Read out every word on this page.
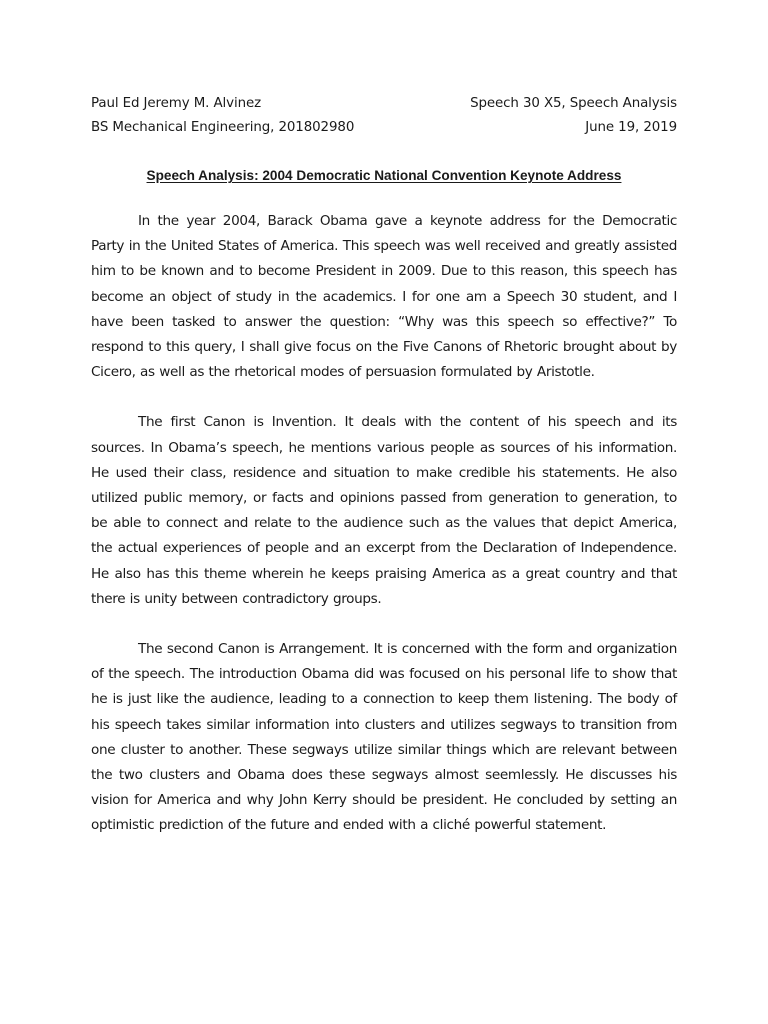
Paul Ed Jeremy M. Alvinez	Speech 30 X5, Speech Analysis
BS Mechanical Engineering, 201802980	June 19, 2019
Speech Analysis: 2004 Democratic National Convention Keynote Address

In the year 2004, Barack Obama gave a keynote address for the Democratic Party in the United States of America. This speech was well received and greatly assisted him to be known and to become President in 2009. Due to this reason, this speech has become an object of study in the academics. I for one am a Speech 30 student, and I have been tasked to answer the question: “Why was this speech so effective?” To respond to this query, I shall give focus on the Five Canons of Rhetoric brought about by Cicero, as well as the rhetorical modes of persuasion formulated by Aristotle.

The first Canon is Invention. It deals with the content of his speech and its sources. In Obama’s speech, he mentions various people as sources of his information. He used their class, residence and situation to make credible his statements. He also utilized public memory, or facts and opinions passed from generation to generation, to be able to connect and relate to the audience such as the values that depict America, the actual experiences of people and an excerpt from the Declaration of Independence. He also has this theme wherein he keeps praising America as a great country and that there is unity between contradictory groups.

The second Canon is Arrangement. It is concerned with the form and organization of the speech. The introduction Obama did was focused on his personal life to show that he is just like the audience, leading to a connection to keep them listening. The body of his speech takes similar information into clusters and utilizes segways to transition from one cluster to another. These segways utilize similar things which are relevant between the two clusters and Obama does these segways almost seemlessly. He discusses his vision for America and why John Kerry should be president. He concluded by setting an optimistic prediction of the future and ended with a cliché powerful statement.
